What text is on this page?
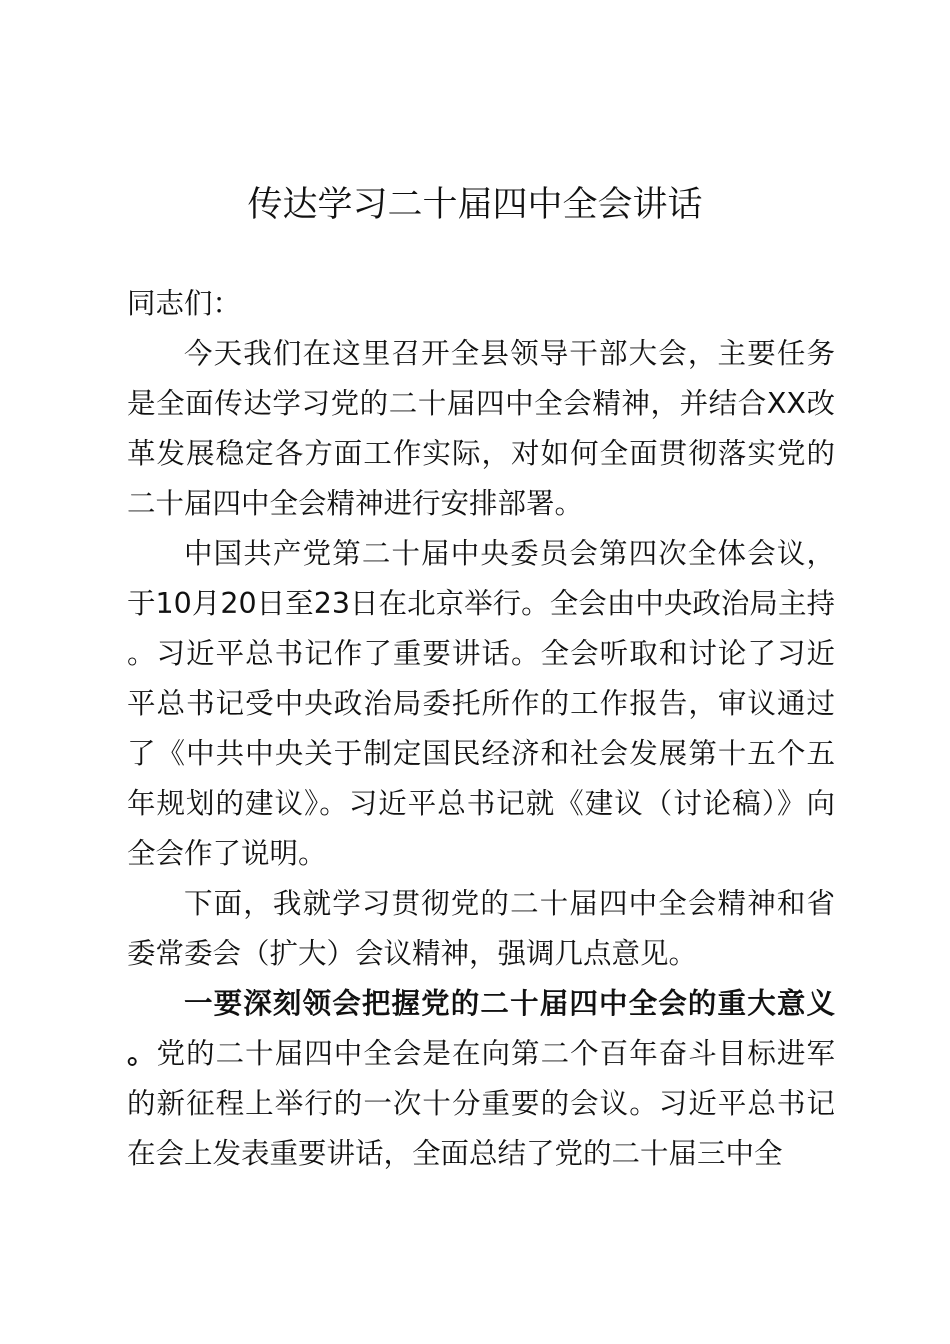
传达学习二十届四中全会讲话

同志们：

今天我们在这里召开全县领导干部大会，主要任务是全面传达学习党的二十届四中全会精神，并结合XX改革发展稳定各方面工作实际，对如何全面贯彻落实党的二十届四中全会精神进行安排部署。

中国共产党第二十届中央委员会第四次全体会议，于10月20日至23日在北京举行。全会由中央政治局主持。习近平总书记作了重要讲话。全会听取和讨论了习近平总书记受中央政治局委托所作的工作报告，审议通过了《中共中央关于制定国民经济和社会发展第十五个五年规划的建议》。习近平总书记就《建议（讨论稿）》向全会作了说明。

下面，我就学习贯彻党的二十届四中全会精神和省委常委会（扩大）会议精神，强调几点意见。

一要深刻领会把握党的二十届四中全会的重大意义。党的二十届四中全会是在向第二个百年奋斗目标进军的新征程上举行的一次十分重要的会议。习近平总书记在会上发表重要讲话，全面总结了党的二十届三中全
